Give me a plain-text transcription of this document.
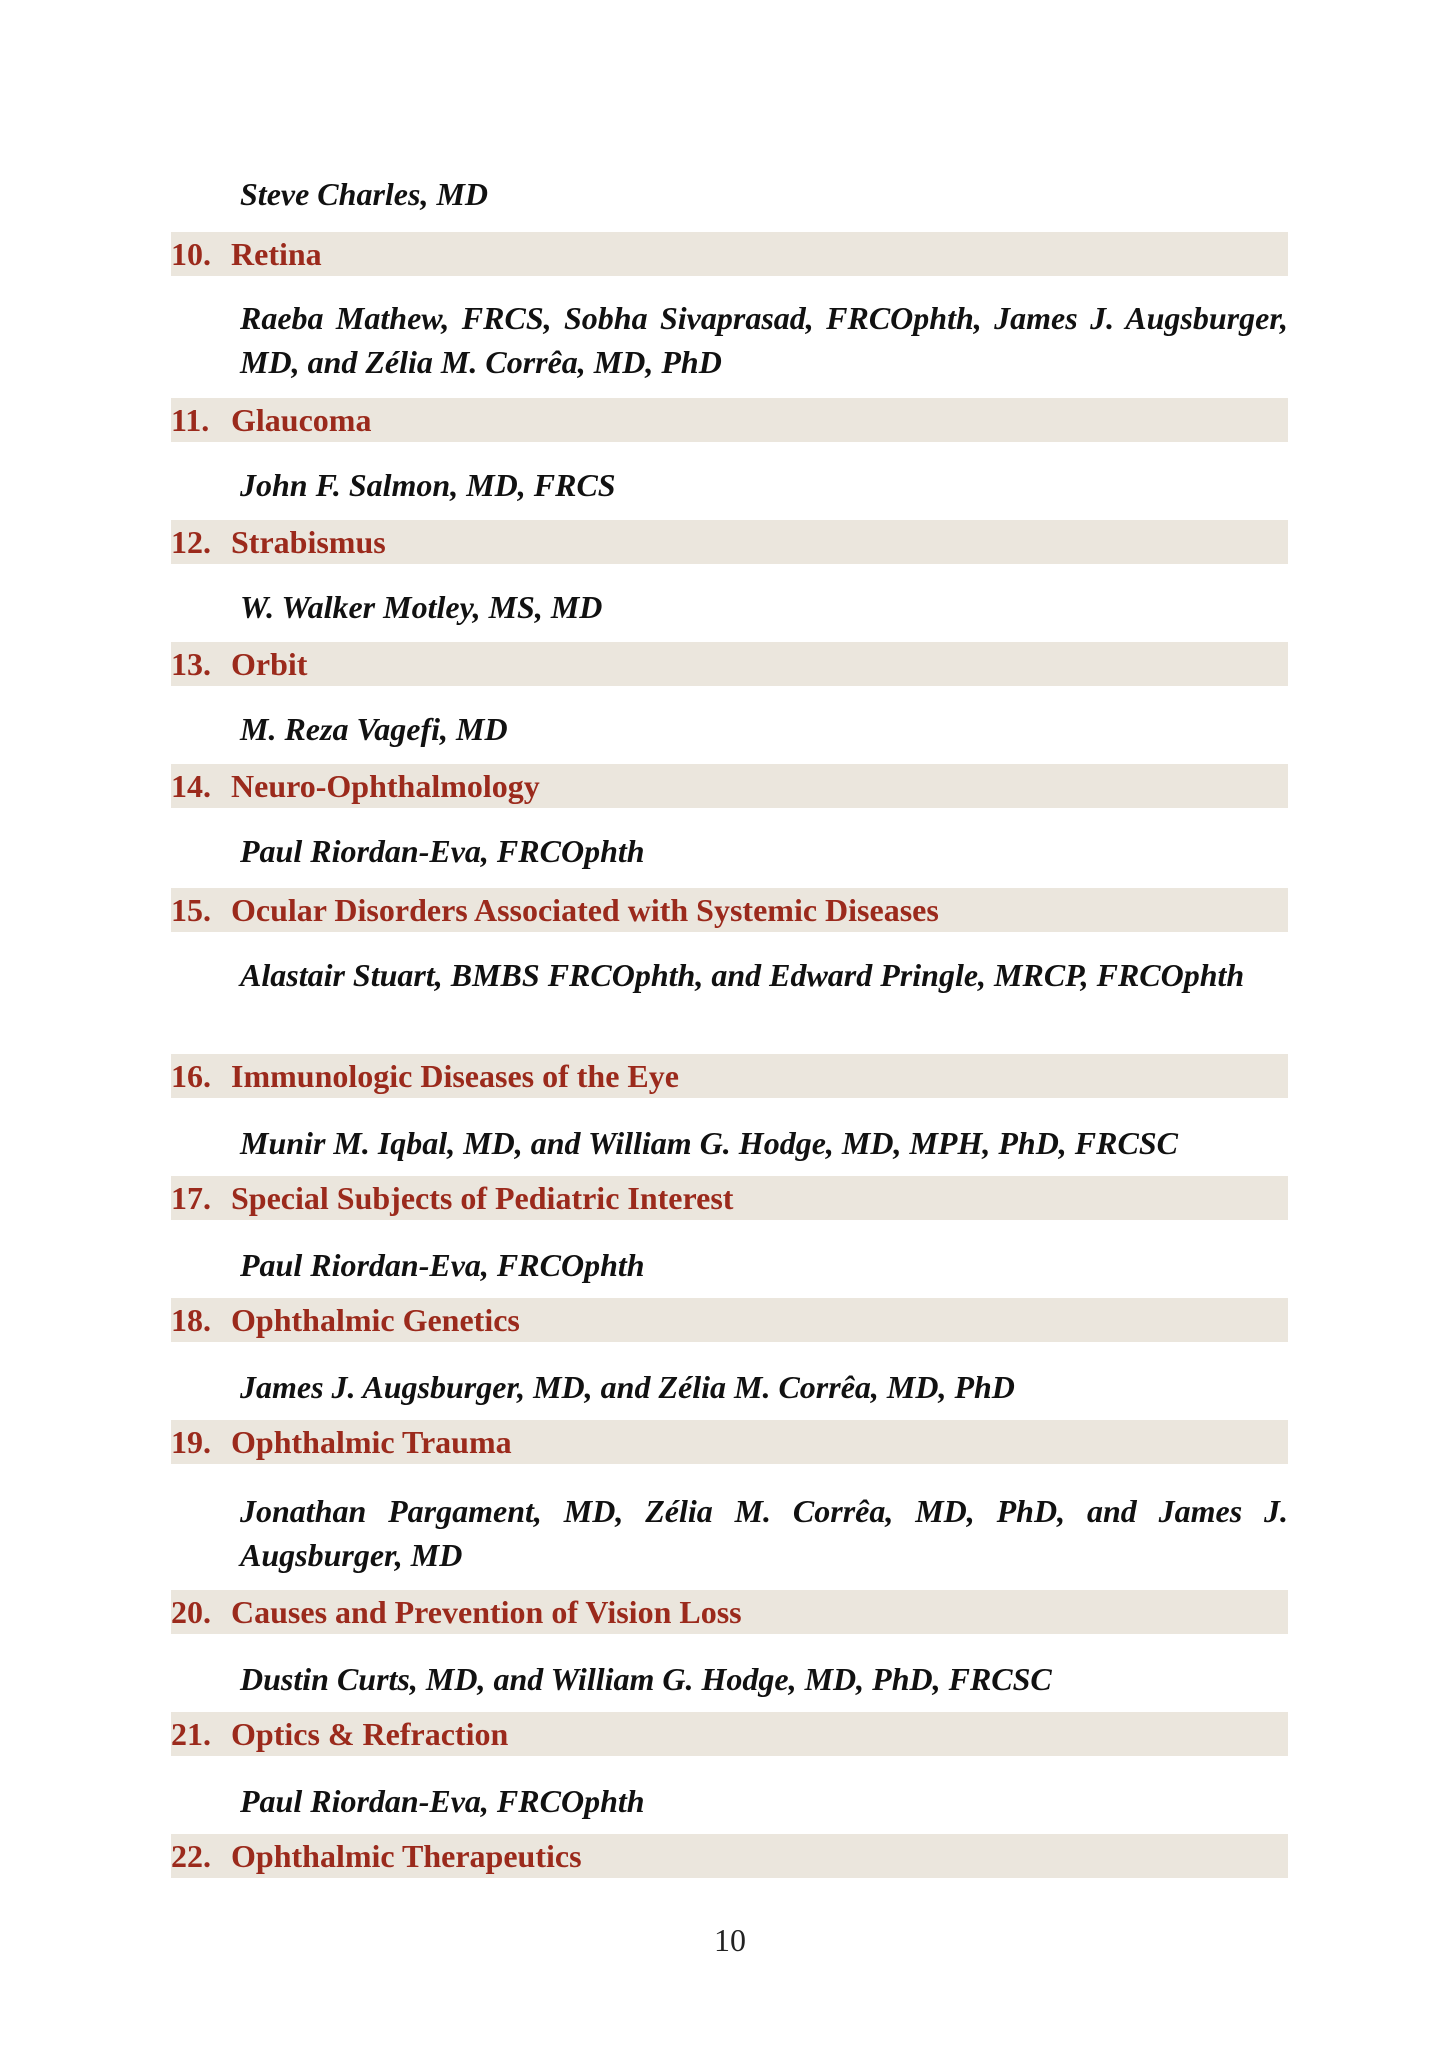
Steve Charles, MD
10. Retina
Raeba Mathew, FRCS, Sobha Sivaprasad, FRCOphth, James J. Augsburger, MD, and Zélia M. Corrêa, MD, PhD
11. Glaucoma
John F. Salmon, MD, FRCS
12. Strabismus
W. Walker Motley, MS, MD
13. Orbit
M. Reza Vagefi, MD
14. Neuro-Ophthalmology
Paul Riordan-Eva, FRCOphth
15. Ocular Disorders Associated with Systemic Diseases
Alastair Stuart, BMBS FRCOphth, and Edward Pringle, MRCP, FRCOphth
16. Immunologic Diseases of the Eye
Munir M. Iqbal, MD, and William G. Hodge, MD, MPH, PhD, FRCSC
17. Special Subjects of Pediatric Interest
Paul Riordan-Eva, FRCOphth
18. Ophthalmic Genetics
James J. Augsburger, MD, and Zélia M. Corrêa, MD, PhD
19. Ophthalmic Trauma
Jonathan Pargament, MD, Zélia M. Corrêa, MD, PhD, and James J. Augsburger, MD
20. Causes and Prevention of Vision Loss
Dustin Curts, MD, and William G. Hodge, MD, PhD, FRCSC
21. Optics & Refraction
Paul Riordan-Eva, FRCOphth
22. Ophthalmic Therapeutics
10
